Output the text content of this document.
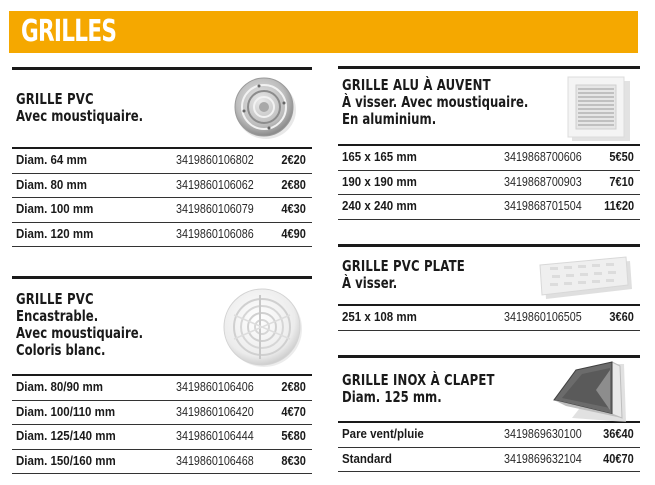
GRILLES
GRILLE PVC
Avec moustiquaire.
Diam. 64 mm	3419860106802 2€20
Diam. 80 mm	3419860106062 2€80
Diam. 100 mm	3419860106079 4€30
Diam. 120 mm	3419860106086 4€90
GRILLE PVC
Encastrable.
Avec moustiquaire.
Coloris blanc.
Diam. 80/90 mm	3419860106406 2€80
Diam. 100/110 mm	3419860106420 4€70
Diam. 125/140 mm	3419860106444 5€80
Diam. 150/160 mm	3419860106468 8€30
GRILLE ALU À AUVENT
À visser. Avec moustiquaire.
En aluminium.
165 x 165 mm	3419868700606 5€50
190 x 190 mm	3419868700903 7€10
240 x 240 mm	3419868701504 11€20
GRILLE PVC PLATE
À visser.
251 x 108 mm	3419860106505 3€60
GRILLE INOX À CLAPET
Diam. 125 mm.
Pare vent/pluie	3419869630100 36€40
Standard	3419869632104 40€70
